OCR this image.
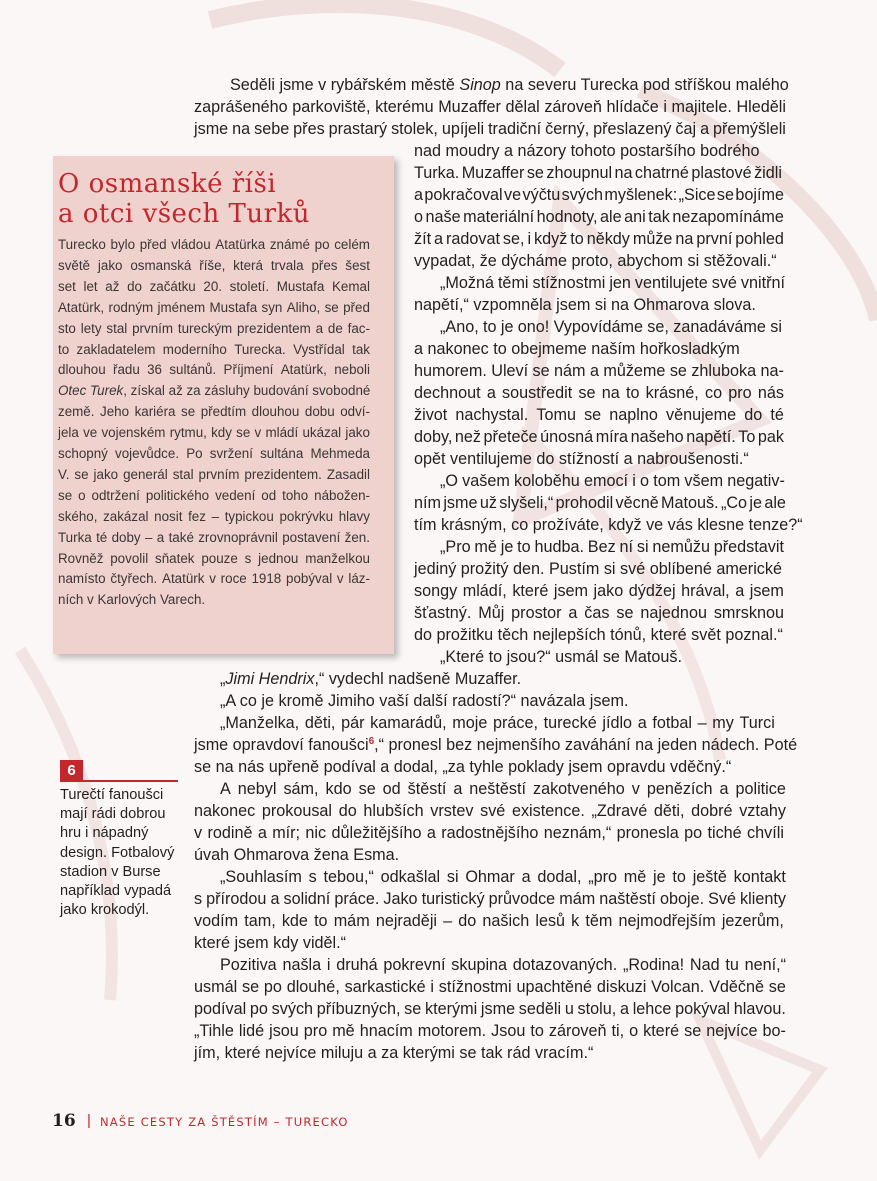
O osmanské říši
a otci všech Turků
Turecko bylo před vládou Atatürka známé po celém
světě jako osmanská říše, která trvala přes šest
set let až do začátku 20. století. Mustafa Kemal
Atatürk, rodným jménem Mustafa syn Aliho, se před
sto lety stal prvním tureckým prezidentem a de fac-
to zakladatelem moderního Turecka. Vystřídal tak
dlouhou řadu 36 sultánů. Příjmení Atatürk, neboli
Otec Turek , získal až za zásluhy budování svobodné
země. Jeho kariéra se předtím dlouhou dobu odví-
jela ve vojenském rytmu, kdy se v mládí ukázal jako
schopný vojevůdce. Po svržení sultána Mehmeda
V. se jako generál stal prvním prezidentem. Zasadil
se o odtržení politického vedení od toho nábožen-
ského, zakázal nosit fez – typickou pokrývku hlavy
Turka té doby – a také zrovnoprávnil postavení žen.
Rovněž povolil sňatek pouze s jednou manželkou
namísto čtyřech. Atatürk v roce 1918 pobýval v láz-
ních v Karlových Varech.
Seděli jsme v rybářském městě Sinop na severu Turecka pod stříškou malého
zaprášeného parkoviště, kterému Muzaffer dělal zároveň hlídače i majitele. Hleděli
jsme na sebe přes prastarý stolek, upíjeli tradiční černý, přeslazený čaj a přemýšleli
nad moudry a názory tohoto postaršího bodrého
Turka. Muzaffer se zhoupnul na chatrné plastové židli
a pokračoval ve výčtu svých myšlenek: „Sice se bojíme
o naše materiální hodnoty, ale ani tak nezapomínáme
žít a radovat se, i když to někdy může na první pohled
vypadat, že dýcháme proto, abychom si stěžovali.“
„Možná těmi stížnostmi jen ventilujete své vnitřní
napětí,“ vzpomněla jsem si na Ohmarova slova.
„Ano, to je ono! Vypovídáme se, zanadáváme si
a nakonec to obejmeme naším hořkosladkým
humorem. Uleví se nám a můžeme se zhluboka na-
dechnout a soustředit se na to krásné, co pro nás
život nachystal. Tomu se naplno věnujeme do té
doby, než přeteče únosná míra našeho napětí. To pak
opět ventilujeme do stížností a nabroušenosti.“
„O vašem koloběhu emocí i o tom všem negativ-
ním jsme už slyšeli,“ prohodil věcně Matouš. „Co je ale
tím krásným, co prožíváte, když ve vás klesne tenze?“
„Pro mě je to hudba. Bez ní si nemůžu představit
jediný prožitý den. Pustím si své oblíbené americké
songy mládí, které jsem jako dýdžej hrával, a jsem
šťastný. Můj prostor a čas se najednou smrsknou
do prožitku těch nejlepších tónů, které svět poznal.“
„Které to jsou?“ usmál se Matouš.
„Jimi Hendrix,“ vydechl nadšeně Muzaffer.
„A co je kromě Jimiho vaší další radostí?“ navázala jsem.
„Manželka, děti, pár kamarádů, moje práce, turecké jídlo a fotbal – my Turci
jsme opravdoví fanoušci$^6$,“ pronesl bez nejmenšího zaváhání na jeden nádech. Poté
se na nás upřeně podíval a dodal, „za tyhle poklady jsem opravdu vděčný.“
A nebyl sám, kdo se od štěstí a neštěstí zakotveného v penězích a politice
nakonec prokousal do hlubších vrstev své existence. „Zdravé děti, dobré vztahy
v rodině a mír; nic důležitějšího a radostnějšího neznám,“ pronesla po tiché chvíli
úvah Ohmarova žena Esma.
„Souhlasím s tebou,“ odkašlal si Ohmar a dodal, „pro mě je to ještě kontakt
s přírodou a solidní práce. Jako turistický průvodce mám naštěstí oboje. Své klienty
vodím tam, kde to mám nejraději – do našich lesů k těm nejmodřejším jezerům,
které jsem kdy viděl.“
Pozitiva našla i druhá pokrevní skupina dotazovaných. „Rodina! Nad tu není,“
usmál se po dlouhé, sarkastické i stížnostmi upachtěné diskuzi Volcan. Vděčně se
podíval po svých příbuzných, se kterými jsme seděli u stolu, a lehce pokýval hlavou.
„Tihle lidé jsou pro mě hnacím motorem. Jsou to zároveň ti, o které se nejvíce bo-
jím, které nejvíce miluju a za kterými se tak rád vracím.“
6
Turečtí fanoušci
mají rádi dobrou
hru i nápadný
design. Fotbalový
stadion v Burse
například vypadá
jako krokodýl.
16 | NAŠE CESTY ZA ŠTĚSTÍM – TURECKO
